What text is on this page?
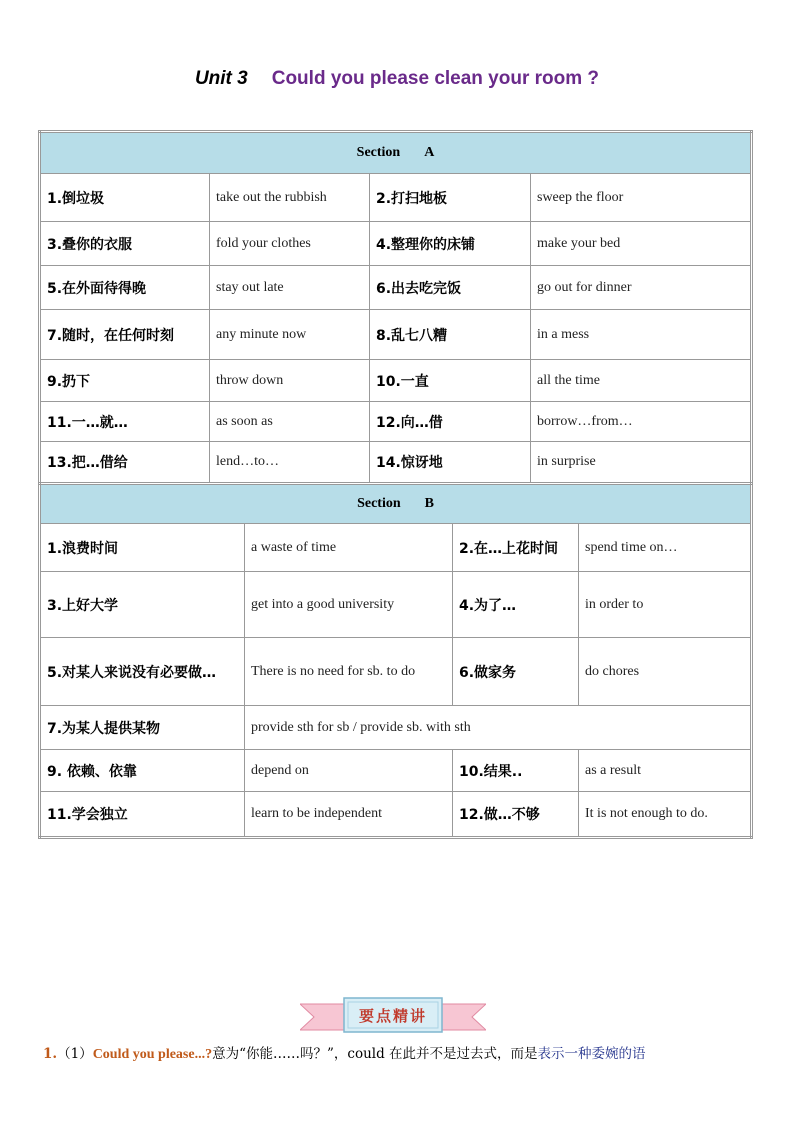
Unit 3 Could you please clean your room ?
Section A			
1.倒垃圾	take out the rubbish	2.打扫地板	sweep the floor
3.叠你的衣服	fold your clothes	4.整理你的床铺	make your bed
5.在外面待得晚	stay out late	6.出去吃完饭	go out for dinner
7.随时，在任何时刻	any minute now	8.乱七八糟	in a mess
9.扔下	throw down	10.一直	all the time
11.一…就…	as soon as	12.向…借	borrow…from…
13.把…借给	lend…to…	14.惊讶地	in surprise
Section B			
1.浪费时间	a waste of time	2.在…上花时间	spend time on…
3.上好大学	get into a good university	4.为了…	in order to
5.对某人来说没有必要做…	There is no need for sb. to do	6.做家务	do chores
7.为某人提供某物	provide sth for sb / provide sb. with sth		
9. 依赖、依靠	depend on	10.结果..	as a result
11.学会独立	learn to be independent	12.做…不够	It is not enough to do.
要点精讲
1.（1）Could you please...?意为“你能……吗？”，could 在此并不是过去式，而是表示一种委婉的语
